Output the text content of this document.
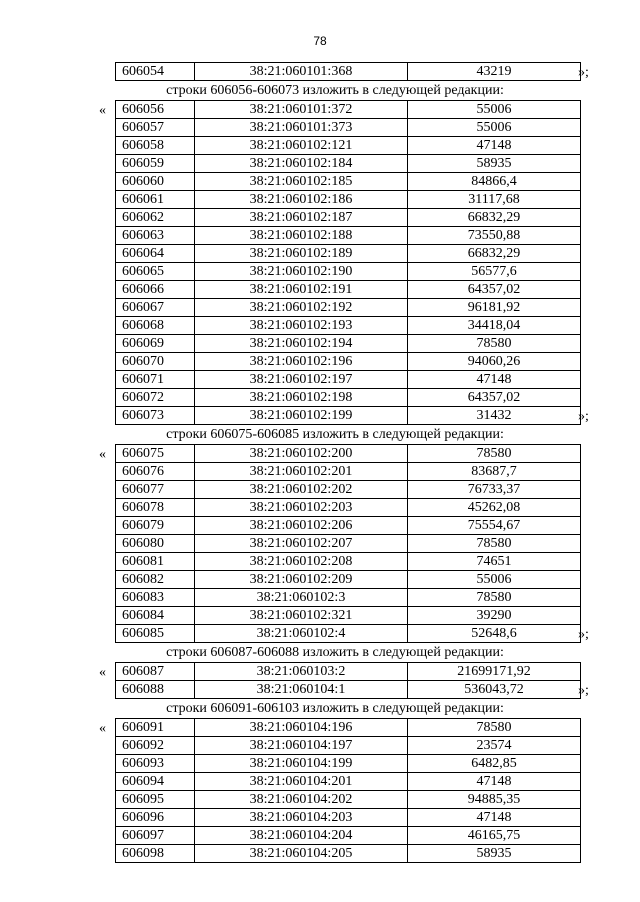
78
606054	38:21:060101:368	43219	»;
строки 606056-606073 изложить в следующей редакции:
« 606056	38:21:060101:372	55006
606057	38:21:060101:373	55006
606058	38:21:060102:121	47148
606059	38:21:060102:184	58935
606060	38:21:060102:185	84866,4
606061	38:21:060102:186	31117,68
606062	38:21:060102:187	66832,29
606063	38:21:060102:188	73550,88
606064	38:21:060102:189	66832,29
606065	38:21:060102:190	56577,6
606066	38:21:060102:191	64357,02
606067	38:21:060102:192	96181,92
606068	38:21:060102:193	34418,04
606069	38:21:060102:194	78580
606070	38:21:060102:196	94060,26
606071	38:21:060102:197	47148
606072	38:21:060102:198	64357,02
606073	38:21:060102:199	31432	»;
строки 606075-606085 изложить в следующей редакции:
« 606075	38:21:060102:200	78580
606076	38:21:060102:201	83687,7
606077	38:21:060102:202	76733,37
606078	38:21:060102:203	45262,08
606079	38:21:060102:206	75554,67
606080	38:21:060102:207	78580
606081	38:21:060102:208	74651
606082	38:21:060102:209	55006
606083	38:21:060102:3	78580
606084	38:21:060102:321	39290
606085	38:21:060102:4	52648,6	»;
строки 606087-606088 изложить в следующей редакции:
« 606087	38:21:060103:2	21699171,92
606088	38:21:060104:1	536043,72	»;
строки 606091-606103 изложить в следующей редакции:
« 606091	38:21:060104:196	78580
606092	38:21:060104:197	23574
606093	38:21:060104:199	6482,85
606094	38:21:060104:201	47148
606095	38:21:060104:202	94885,35
606096	38:21:060104:203	47148
606097	38:21:060104:204	46165,75
606098	38:21:060104:205	58935
